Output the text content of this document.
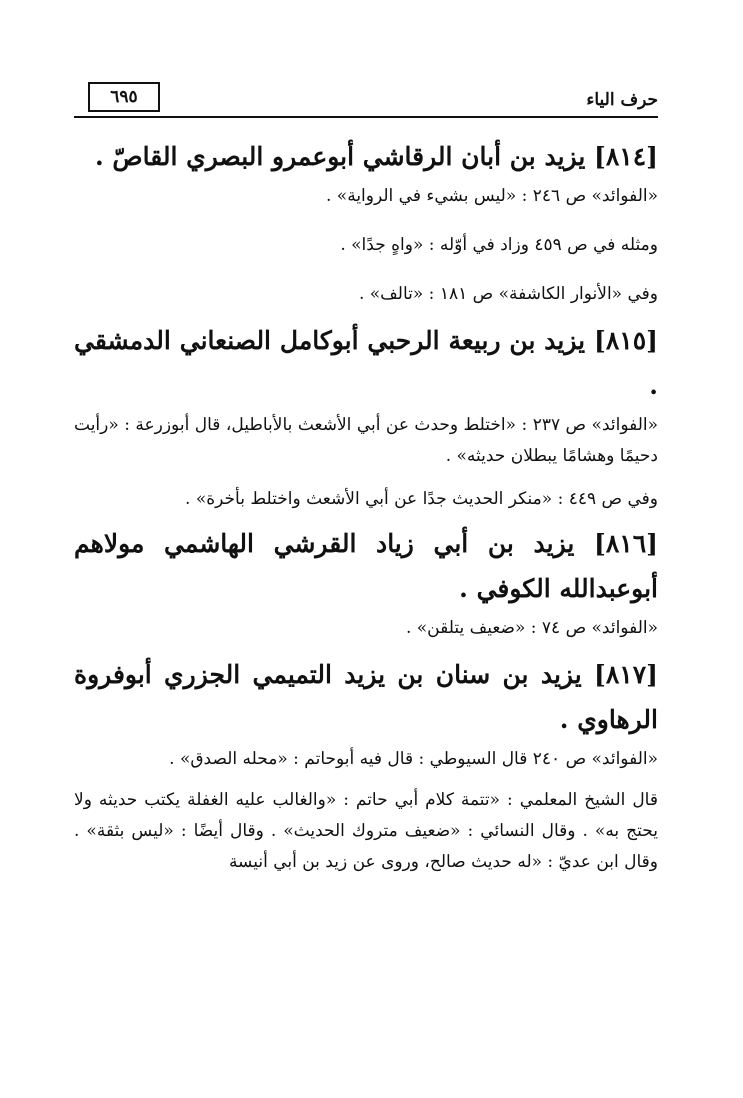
حرف الياء
٦٩٥

[٨١٤] يزيد بن أبان الرقاشي أبوعمرو البصري القاصّ .

«الفوائد» ص ٢٤٦ : «ليس بشيء في الرواية» .

ومثله في ص ٤٥٩ وزاد في أوّله : «واهٍ جدًا» .

وفي «الأنوار الكاشفة» ص ١٨١ : «تالف» .

[٨١٥] يزيد بن ربيعة الرحبي أبوكامل الصنعاني الدمشقي .

«الفوائد» ص ٢٣٧ : «اختلط وحدث عن أبي الأشعث بالأباطيل، قال أبوزرعة : «رأيت دحيمًا وهشامًا يبطلان حديثه» .

وفي ص ٤٤٩ : «منكر الحديث جدًا عن أبي الأشعث واختلط بأخرة» .

[٨١٦] يزيد بن أبي زياد القرشي الهاشمي مولاهم أبوعبدالله الكوفي .

«الفوائد» ص ٧٤ : «ضعيف يتلقن» .

[٨١٧] يزيد بن سنان بن يزيد التميمي الجزري أبوفروة الرهاوي .

«الفوائد» ص ٢٤٠ قال السيوطي : قال فيه أبوحاتم : «محله الصدق» .

قال الشيخ المعلمي : «تتمة كلام أبي حاتم : «والغالب عليه الغفلة يكتب حديثه ولا يحتج به» . وقال النسائي : «ضعيف متروك الحديث» . وقال أيضًا : «ليس بثقة» . وقال ابن عديّ : «له حديث صالح، وروى عن زيد بن أبي أنيسة
